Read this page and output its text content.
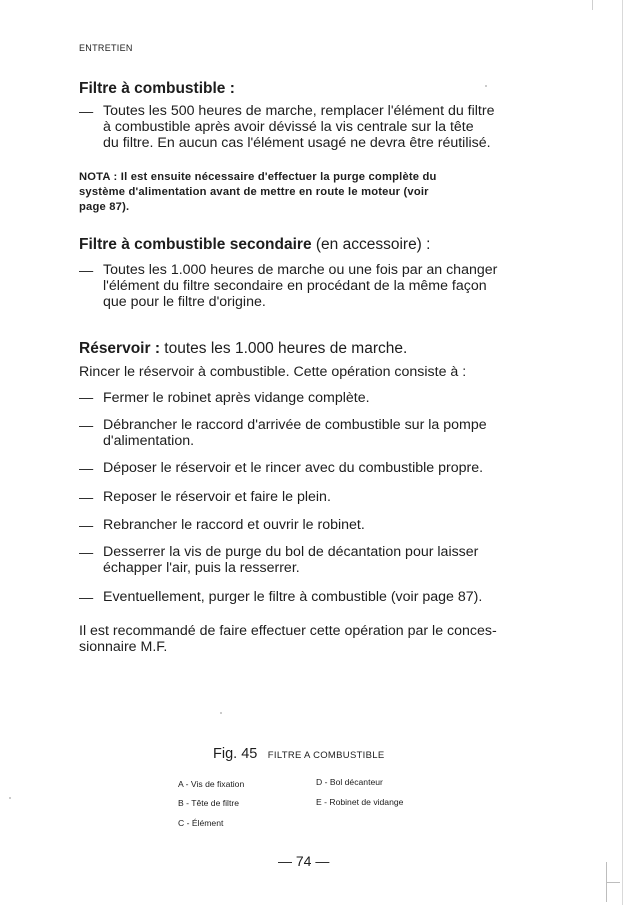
ENTRETIEN
Filtre à combustible :
— Toutes les 500 heures de marche, remplacer l'élément du filtre
à combustible après avoir dévissé la vis centrale sur la tête
du filtre. En aucun cas l'élément usagé ne devra être réutilisé.
NOTA : Il est ensuite nécessaire d'effectuer la purge complète du
système d'alimentation avant de mettre en route le moteur (voir
page 87).
Filtre à combustible secondaire (en accessoire) :
— Toutes les 1.000 heures de marche ou une fois par an changer
l'élément du filtre secondaire en procédant de la même façon
que pour le filtre d'origine.
Réservoir : toutes les 1.000 heures de marche.
Rincer le réservoir à combustible. Cette opération consiste à :
— Fermer le robinet après vidange complète.
— Débrancher le raccord d'arrivée de combustible sur la pompe
d'alimentation.
— Déposer le réservoir et le rincer avec du combustible propre.
— Reposer le réservoir et faire le plein.
— Rebrancher le raccord et ouvrir le robinet.
— Desserrer la vis de purge du bol de décantation pour laisser
échapper l'air, puis la resserrer.
— Eventuellement, purger le filtre à combustible (voir page 87).
Il est recommandé de faire effectuer cette opération par le conces-
sionnaire M.F.
Fig. 45 FILTRE A COMBUSTIBLE
A - Vis de fixation	D - Bol décanteur
B - Tête de filtre	E - Robinet de vidange
C - Élément
— 74 —
